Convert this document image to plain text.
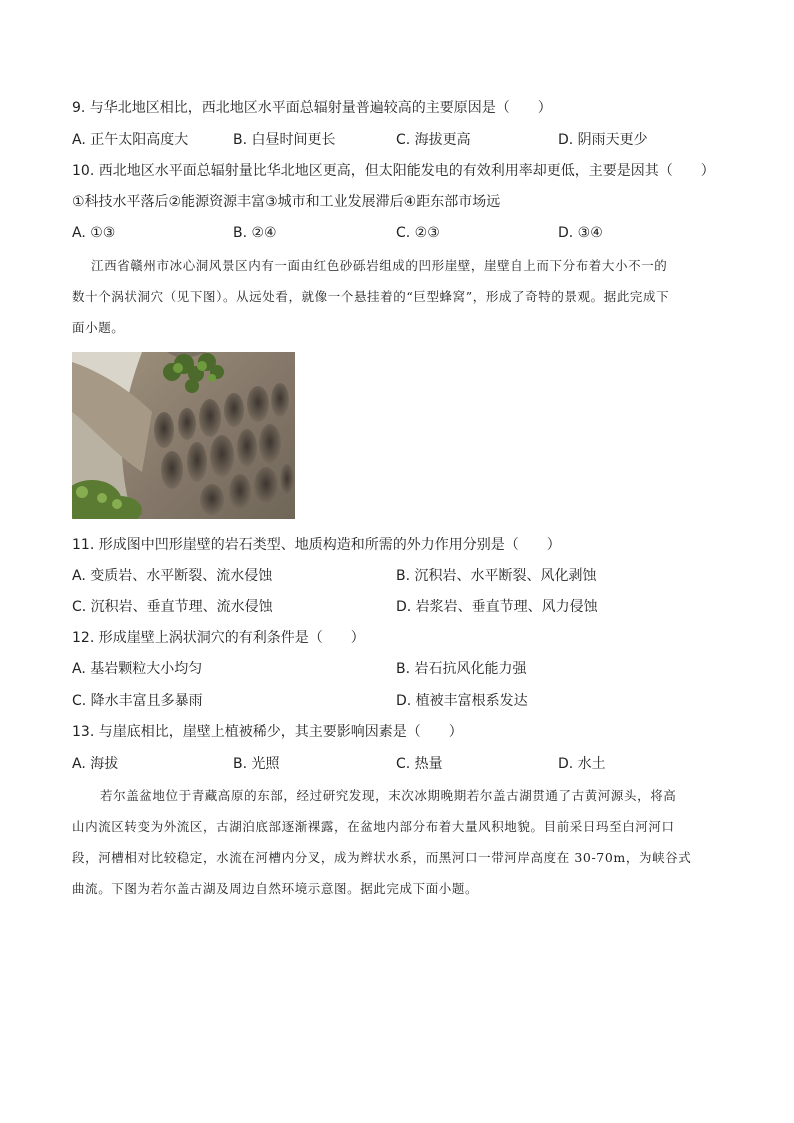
9. 与华北地区相比，西北地区水平面总辐射量普遍较高的主要原因是（　　）
A. 正午太阳高度大	B. 白昼时间更长	C. 海拔更高	D. 阴雨天更少
10. 西北地区水平面总辐射量比华北地区更高，但太阳能发电的有效利用率却更低，主要是因其（　　）
①科技水平落后②能源资源丰富③城市和工业发展滞后④距东部市场远
A. ①③	B. ②④	C. ②③	D. ③④
江西省赣州市冰心洞风景区内有一面由红色砂砾岩组成的凹形崖壁，崖壁自上而下分布着大小不一的
数十个涡状洞穴（见下图）。从远处看，就像一个悬挂着的“巨型蜂窝”，形成了奇特的景观。据此完成下
面小题。
11. 形成图中凹形崖壁的岩石类型、地质构造和所需的外力作用分别是（　　）
A. 变质岩、水平断裂、流水侵蚀	B. 沉积岩、水平断裂、风化剥蚀
C. 沉积岩、垂直节理、流水侵蚀	D. 岩浆岩、垂直节理、风力侵蚀
12. 形成崖壁上涡状洞穴的有利条件是（　　）
A. 基岩颗粒大小均匀	B. 岩石抗风化能力强
C. 降水丰富且多暴雨	D. 植被丰富根系发达
13. 与崖底相比，崖壁上植被稀少，其主要影响因素是（　　）
A. 海拔	B. 光照	C. 热量	D. 水土
若尔盖盆地位于青藏高原的东部，经过研究发现，末次冰期晚期若尔盖古湖贯通了古黄河源头，将高
山内流区转变为外流区，古湖泊底部逐渐裸露，在盆地内部分布着大量风积地貌。目前采日玛至白河河口
段，河槽相对比较稳定，水流在河槽内分叉，成为辫状水系，而黑河口一带河岸高度在 30-70m，为峡谷式
曲流。下图为若尔盖古湖及周边自然环境示意图。据此完成下面小题。
